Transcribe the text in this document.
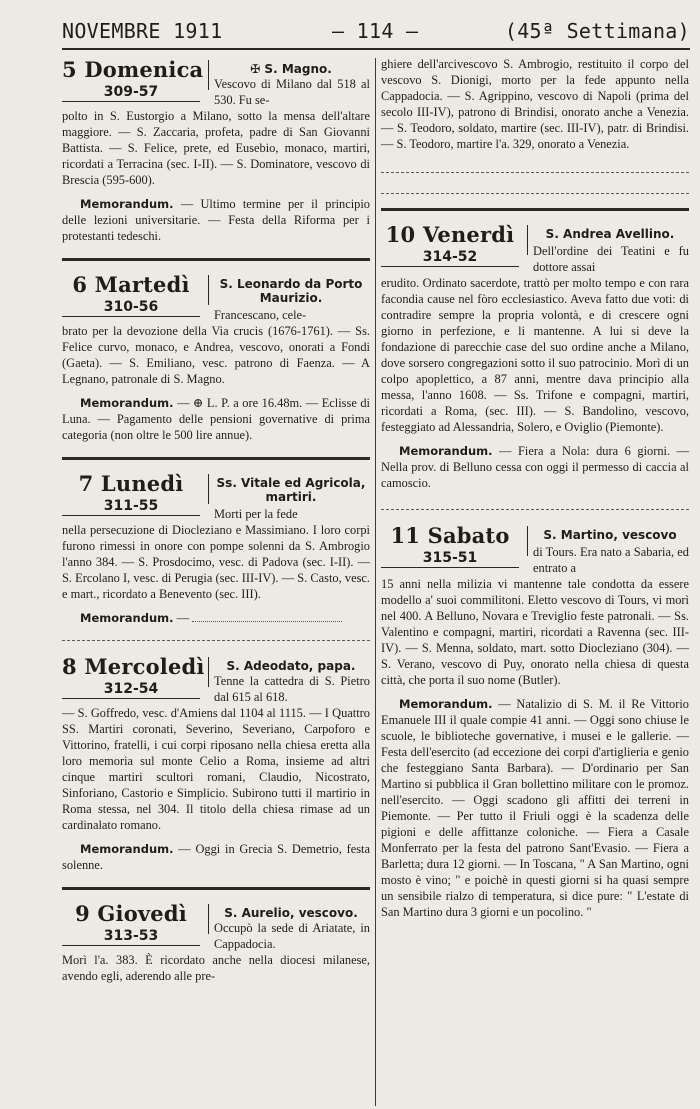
NOVEMBRE 1911	— 114 —	(45ª Settimana)
5 Domenica
309-57
✠ S. Magno.
Vescovo di Milano dal 518 al 530. Fu se-
polto in S. Eustorgio a Milano, sotto la mensa dell'altare maggiore. — S. Zaccaria, profeta, padre di San Giovanni Battista. — S. Felice, prete, ed Eusebio, monaco, martiri, ricordati a Terracina (sec. I-II). — S. Dominatore, vescovo di Brescia (595-600).
Memorandum. — Ultimo termine per il principio delle lezioni universitarie. — Festa della Riforma per i protestanti tedeschi.
6 Martedì
310-56
S. Leonardo da Porto Maurizio.
Francescano, cele-
brato per la devozione della Via crucis (1676-1761). — Ss. Felice curvo, monaco, e Andrea, vescovo, onorati a Fondi (Gaeta). — S. Emiliano, vesc. patrono di Faenza. — A Legnano, patronale di S. Magno.
Memorandum. — ⊕ L. P. a ore 16.48m. — Eclisse di Luna. — Pagamento delle pensioni governative di prima categoria (non oltre le 500 lire annue).
7 Lunedì
311-55
Ss. Vitale ed Agricola, martiri.
Morti per la fede
nella persecuzione di Diocleziano e Massimiano. I loro corpi furono rimessi in onore con pompe solenni da S. Ambrogio l'anno 384. — S. Prosdocimo, vesc. di Padova (sec. I-II). — S. Ercolano I, vesc. di Perugia (sec. III-IV). — S. Casto, vesc. e mart., ricordato a Benevento (sec. III).
Memorandum. —
8 Mercoledì
312-54
S. Adeodato, papa.
Tenne la cattedra di S. Pietro dal 615 al 618.
— S. Goffredo, vesc. d'Amiens dal 1104 al 1115. — I Quattro SS. Martiri coronati, Severino, Severiano, Carpoforo e Vittorino, fratelli, i cui corpi riposano nella chiesa eretta alla loro memoria sul monte Celio a Roma, insieme ad altri cinque martiri scultori romani, Claudio, Nicostrato, Sinforiano, Castorio e Simplicio. Subirono tutti il martirio in Roma stessa, nel 304. Il titolo della chiesa rimase ad un cardinalato romano.
Memorandum. — Oggi in Grecia S. Demetrio, festa solenne.
9 Giovedì
313-53
S. Aurelio, vescovo.
Occupò la sede di Ariatate, in Cappadocia.
Morì l'a. 383. È ricordato anche nella diocesi milanese, avendo egli, aderendo alle pre-
ghiere dell'arcivescovo S. Ambrogio, restituito il corpo del vescovo S. Dionigi, morto per la fede appunto nella Cappadocia. — S. Agrippino, vescovo di Napoli (prima del secolo III-IV), patrono di Brindisi, onorato anche a Venezia. — S. Teodoro, soldato, martire (sec. III-IV), patr. di Brindisi. — S. Teodoro, martire l'a. 329, onorato a Venezia.
10 Venerdì
314-52
S. Andrea Avellino.
Dell'ordine dei Teatini e fu dottore assai
erudito. Ordinato sacerdote, trattò per molto tempo e con rara facondia cause nel fòro ecclesiastico. Aveva fatto due voti: di contradire sempre la propria volontà, e di crescere ogni giorno in perfezione, e li mantenne. A lui si deve la fondazione di parecchie case del suo ordine anche a Milano, dove sorsero congregazioni sotto il suo patrocinio. Morì di un colpo apoplettico, a 87 anni, mentre dava principio alla messa, l'anno 1608. — Ss. Trifone e compagni, martiri, ricordati a Roma, (sec. III). — S. Bandolino, vescovo, festeggiato ad Alessandria, Solero, e Oviglio (Piemonte).
Memorandum. — Fiera a Nola: dura 6 giorni. — Nella prov. di Belluno cessa con oggi il permesso di caccia al camoscio.
11 Sabato
315-51
S. Martino, vescovo
di Tours. Era nato a Sabaria, ed entrato a
15 anni nella milizia vi mantenne tale condotta da essere modello a' suoi commilitoni. Eletto vescovo di Tours, vi morì nel 400. A Belluno, Novara e Treviglio feste patronali. — Ss. Valentino e compagni, martiri, ricordati a Ravenna (sec. III-IV). — S. Menna, soldato, mart. sotto Diocleziano (304). — S. Verano, vescovo di Puy, onorato nella chiesa di questa città, che porta il suo nome (Butler).
Memorandum. — Natalizio di S. M. il Re Vittorio Emanuele III il quale compie 41 anni. — Oggi sono chiuse le scuole, le biblioteche governative, i musei e le gallerie. — Festa dell'esercito (ad eccezione dei corpi d'artiglieria e genio che festeggiano Santa Barbara). — D'ordinario per San Martino si pubblica il Gran bollettino militare con le promoz. nell'esercito. — Oggi scadono gli affitti dei terreni in Piemonte. — Per tutto il Friuli oggi è la scadenza delle pigioni e delle affittanze coloniche. — Fiera a Casale Monferrato per la festa del patrono Sant'Evasio. — Fiera a Barletta; dura 12 giorni. — In Toscana, " A San Martino, ogni mosto è vino; " e poichè in questi giorni si ha quasi sempre un sensibile rialzo di temperatura, si dice pure: " L'estate di San Martino dura 3 giorni e un pocolino. "
